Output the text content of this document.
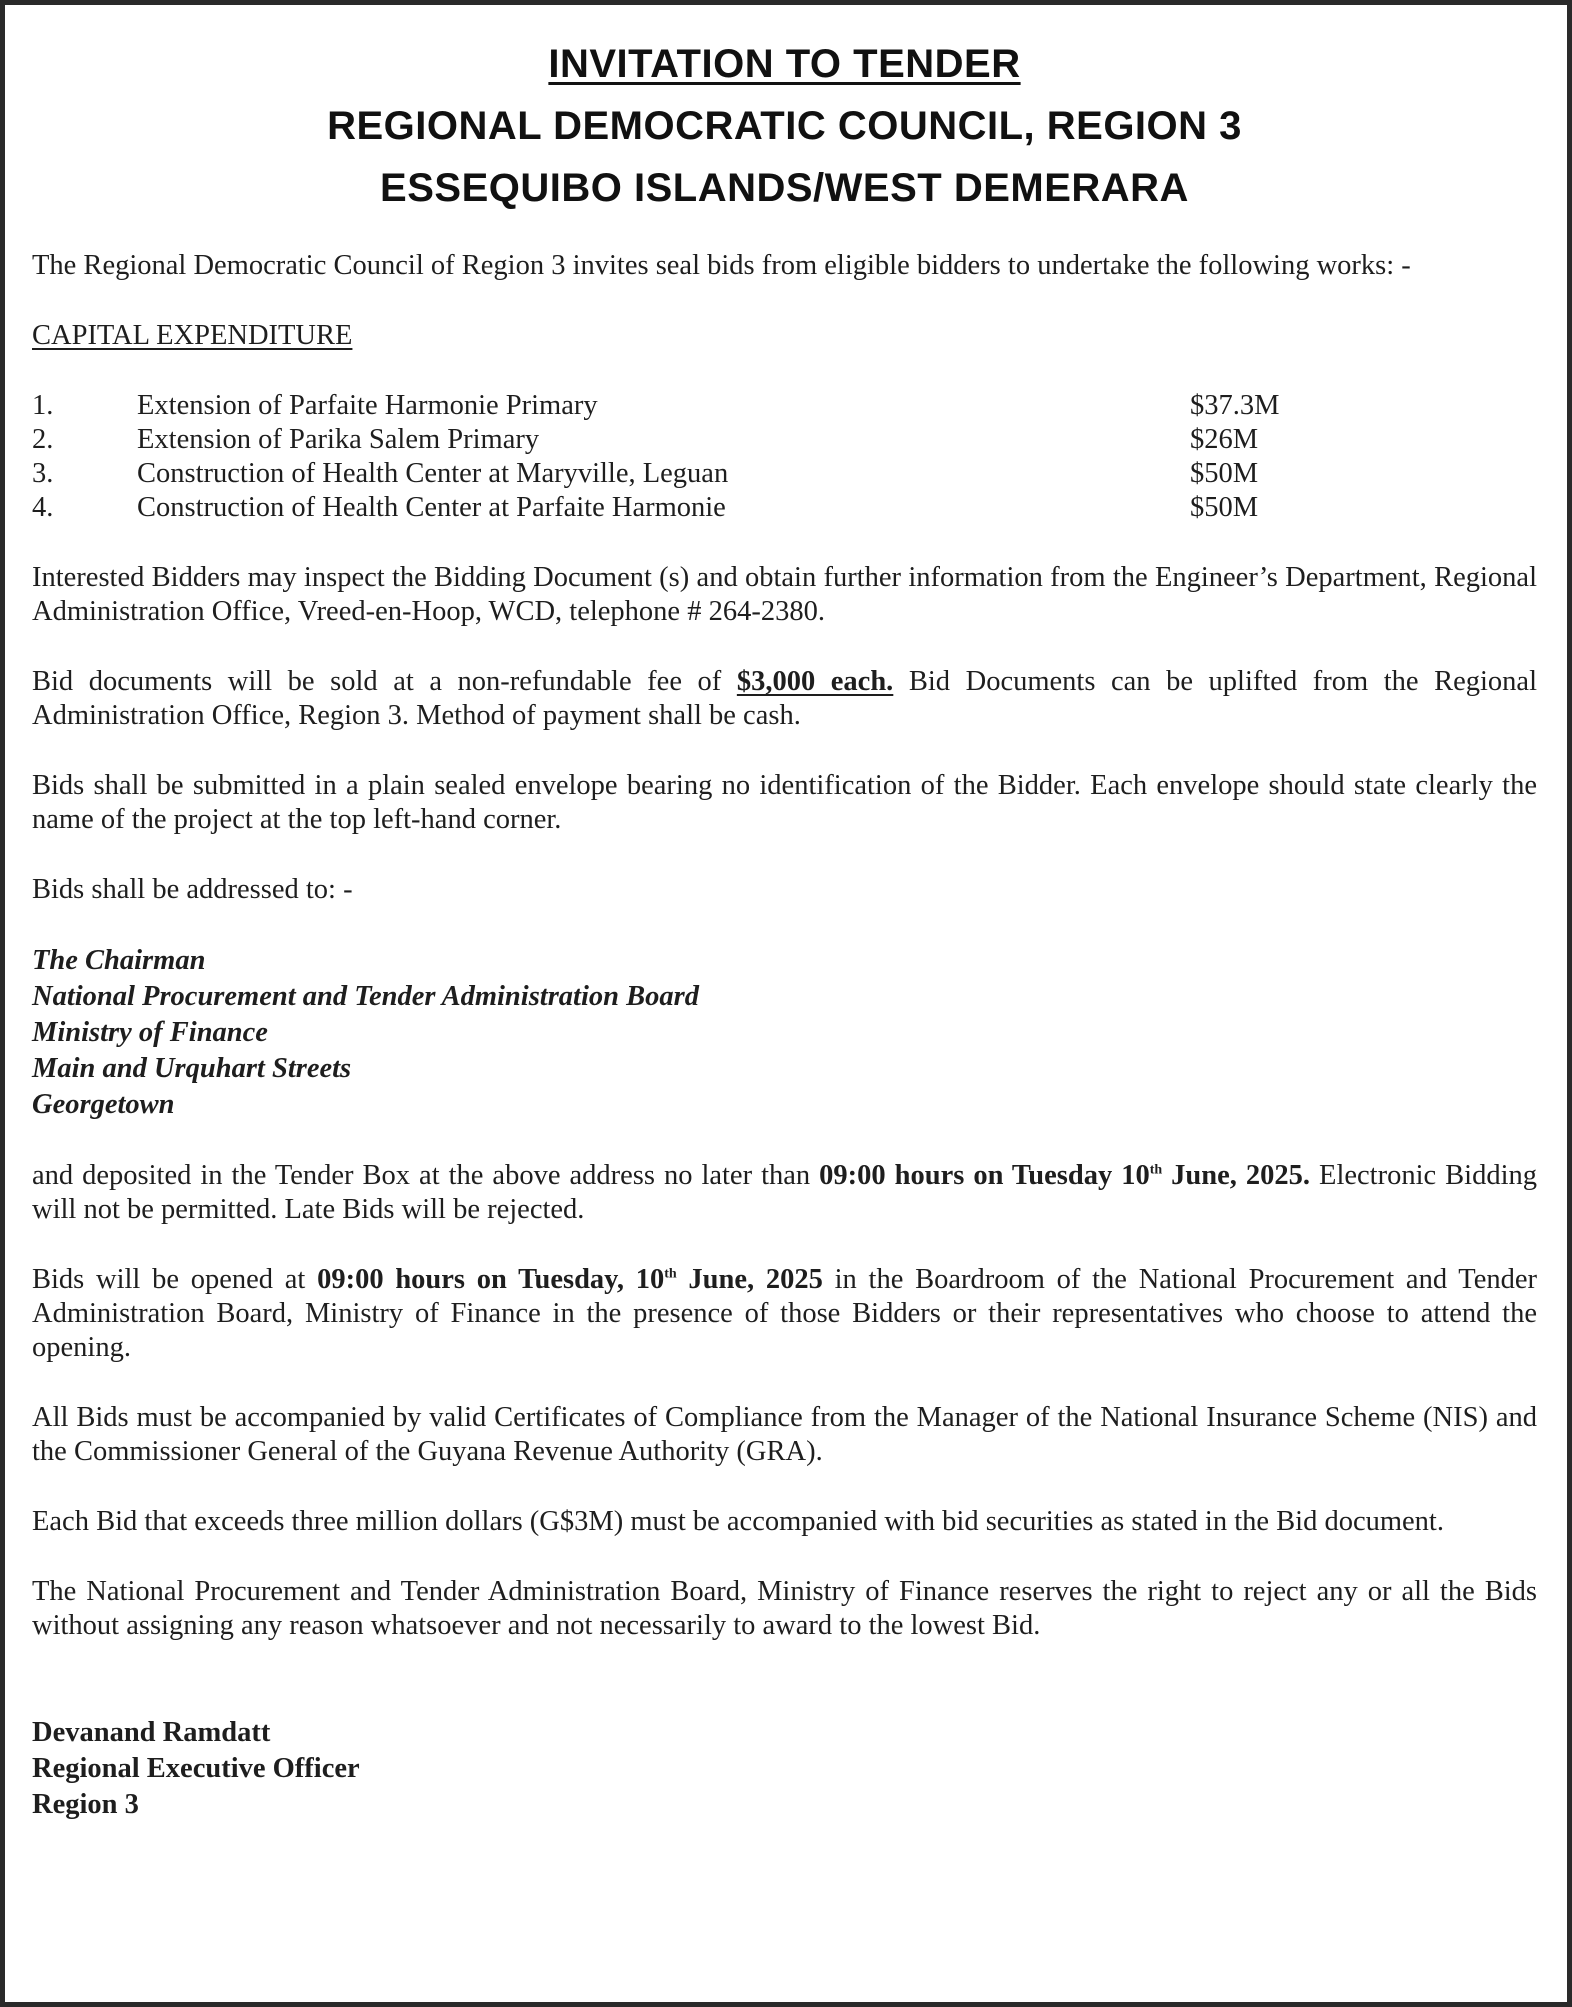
INVITATION TO TENDER
REGIONAL DEMOCRATIC COUNCIL, REGION 3
ESSEQUIBO ISLANDS/WEST DEMERARA

The Regional Democratic Council of Region 3 invites seal bids from eligible bidders to undertake the following works: -

CAPITAL EXPENDITURE

1.	Extension of Parfaite Harmonie Primary	$37.3M
2.	Extension of Parika Salem Primary	$26M
3.	Construction of Health Center at Maryville, Leguan	$50M
4.	Construction of Health Center at Parfaite Harmonie	$50M

Interested Bidders may inspect the Bidding Document (s) and obtain further information from the Engineer’s Department, Regional Administration Office, Vreed-en-Hoop, WCD, telephone # 264-2380.

Bid documents will be sold at a non-refundable fee of $3,000 each. Bid Documents can be uplifted from the Regional Administration Office, Region 3. Method of payment shall be cash.

Bids shall be submitted in a plain sealed envelope bearing no identification of the Bidder. Each envelope should state clearly the name of the project at the top left-hand corner.

Bids shall be addressed to: -

The Chairman

National Procurement and Tender Administration Board

Ministry of Finance

Main and Urquhart Streets

Georgetown

and deposited in the Tender Box at the above address no later than 09:00 hours on Tuesday 10th June, 2025. Electronic Bidding will not be permitted. Late Bids will be rejected.

Bids will be opened at 09:00 hours on Tuesday, 10th June, 2025 in the Boardroom of the National Procurement and Tender Administration Board, Ministry of Finance in the presence of those Bidders or their representatives who choose to attend the opening.

All Bids must be accompanied by valid Certificates of Compliance from the Manager of the National Insurance Scheme (NIS) and the Commissioner General of the Guyana Revenue Authority (GRA).

Each Bid that exceeds three million dollars (G$3M) must be accompanied with bid securities as stated in the Bid document.

The National Procurement and Tender Administration Board, Ministry of Finance reserves the right to reject any or all the Bids without assigning any reason whatsoever and not necessarily to award to the lowest Bid.

Devanand Ramdatt

Regional Executive Officer

Region 3
